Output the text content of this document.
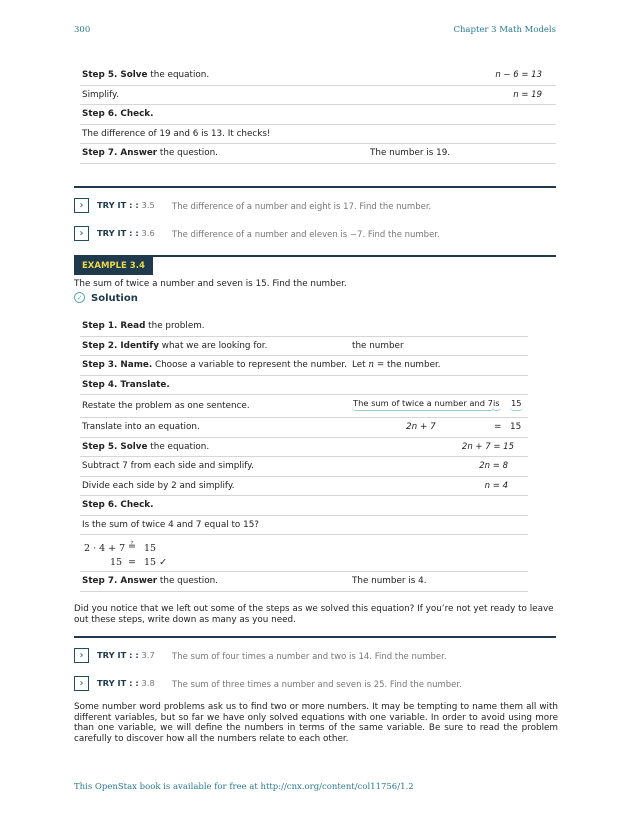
300	Chapter 3 Math Models
Step 5. Solve the equation.	n − 6 = 13
Simplify.	n = 19
Step 6. Check.
The difference of 19 and 6 is 13. It checks!
Step 7. Answer the question.	The number is 19.
›	TRY IT : : 3.5 The difference of a number and eight is 17. Find the number.
›	TRY IT : : 3.6 The difference of a number and eleven is −7. Find the number.
EXAMPLE 3.4
The sum of twice a number and seven is 15. Find the number.
✓ Solution
Step 1. Read the problem.
Step 2. Identify what we are looking for.	the number
Step 3. Name. Choose a variable to represent the number. Let n = the number.
Step 4. Translate.
Restate the problem as one sentence.	The sum of twice a number and 7 is 15
Translate into an equation.	2n + 7	= 15
Step 5. Solve the equation.	2n + 7 = 15
Subtract 7 from each side and simplify.	2n = 8
Divide each side by 2 and simplify.	n = 4
Step 6. Check.
Is the sum of twice 4 and 7 equal to 15?
Step 7. Answer the question.	The number is 4.
2 · 4 + 7 ≟ 15
15 = 15 ✓
Did you notice that we left out some of the steps as we solved this equation? If you’re not yet ready to leave out these steps, write down as many as you need.
›	TRY IT : : 3.7 The sum of four times a number and two is 14. Find the number.
›	TRY IT : : 3.8 The sum of three times a number and seven is 25. Find the number.
Some number word problems ask us to find two or more numbers. It may be tempting to name them all with different variables, but so far we have only solved equations with one variable. In order to avoid using more than one variable, we will define the numbers in terms of the same variable. Be sure to read the problem carefully to discover how all the numbers relate to each other.
This OpenStax book is available for free at http://cnx.org/content/col11756/1.2
